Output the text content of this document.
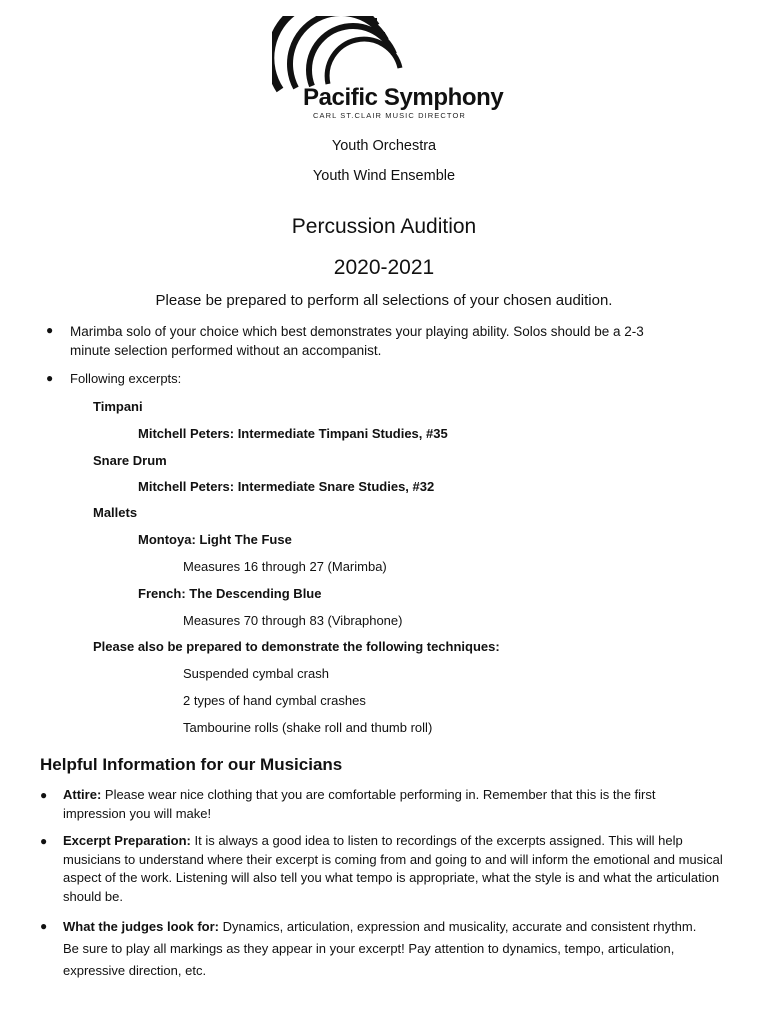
Pacific Symphony
CARL ST.CLAIR MUSIC DIRECTOR
Youth Orchestra
Youth Wind Ensemble
Percussion Audition
2020-2021
Please be prepared to perform all selections of your chosen audition.
● Marimba solo of your choice which best demonstrates your playing ability. Solos should be a 2-3
minute selection performed without an accompanist.
● Following excerpts:
Timpani
Mitchell Peters: Intermediate Timpani Studies, #35
Snare Drum
Mitchell Peters: Intermediate Snare Studies, #32
Mallets
Montoya: Light The Fuse
Measures 16 through 27 (Marimba)
French: The Descending Blue
Measures 70 through 83 (Vibraphone)
Please also be prepared to demonstrate the following techniques:
Suspended cymbal crash
2 types of hand cymbal crashes
Tambourine rolls (shake roll and thumb roll)
Helpful Information for our Musicians
● Attire: Please wear nice clothing that you are comfortable performing in. Remember that this is the first impression you will make!
● Excerpt Preparation: It is always a good idea to listen to recordings of the excerpts assigned. This will help musicians to understand where their excerpt is coming from and going to and will inform the emotional and musical aspect of the work. Listening will also tell you what tempo is appropriate, what the style is and what the articulation should be.
● What the judges look for: Dynamics, articulation, expression and musicality, accurate and consistent rhythm. Be sure to play all markings as they appear in your excerpt! Pay attention to dynamics, tempo, articulation, expressive direction, etc.
